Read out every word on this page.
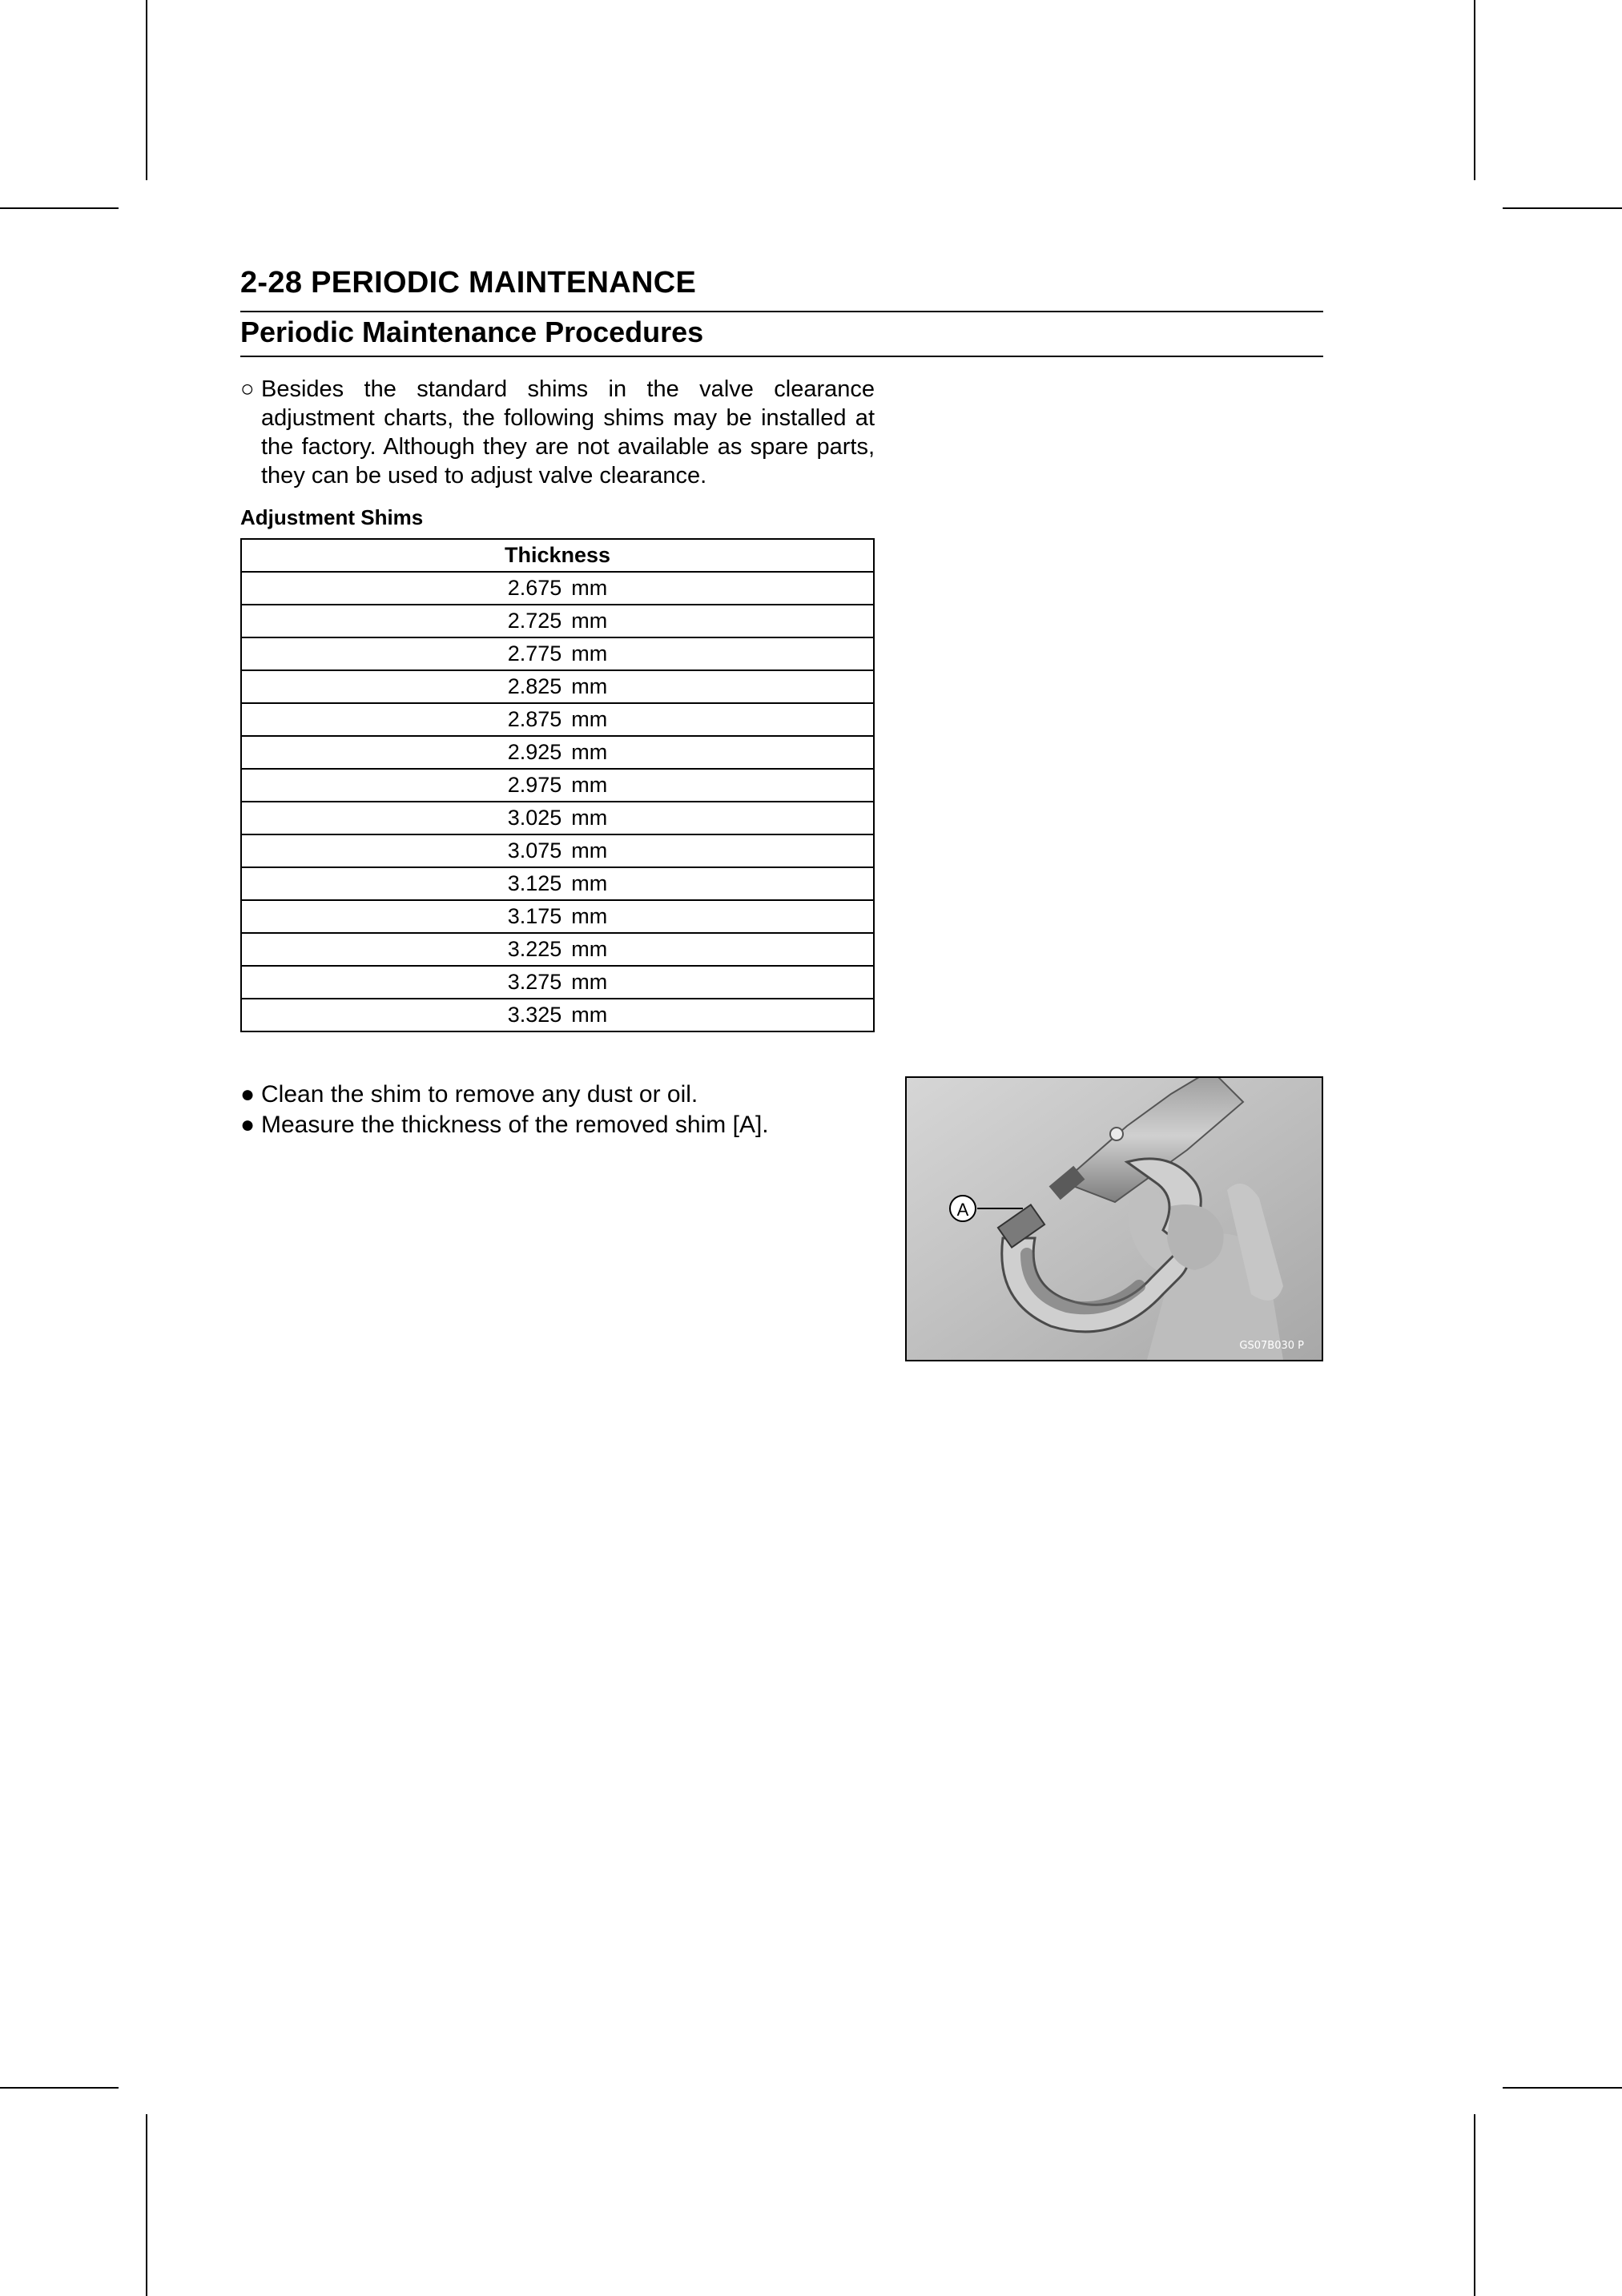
2-28 PERIODIC MAINTENANCE
Periodic Maintenance Procedures
○ Besides the standard shims in the valve clearance adjustment charts, the following shims may be installed at the factory. Although they are not available as spare parts, they can be used to adjust valve clearance.
Adjustment Shims
Thickness
2.675 mm
2.725 mm
2.775 mm
2.825 mm
2.875 mm
2.925 mm
2.975 mm
3.025 mm
3.075 mm
3.125 mm
3.175 mm
3.225 mm
3.275 mm
3.325 mm
● Clean the shim to remove any dust or oil.
● Measure the thickness of the removed shim [A].
A
GS07B030 P
